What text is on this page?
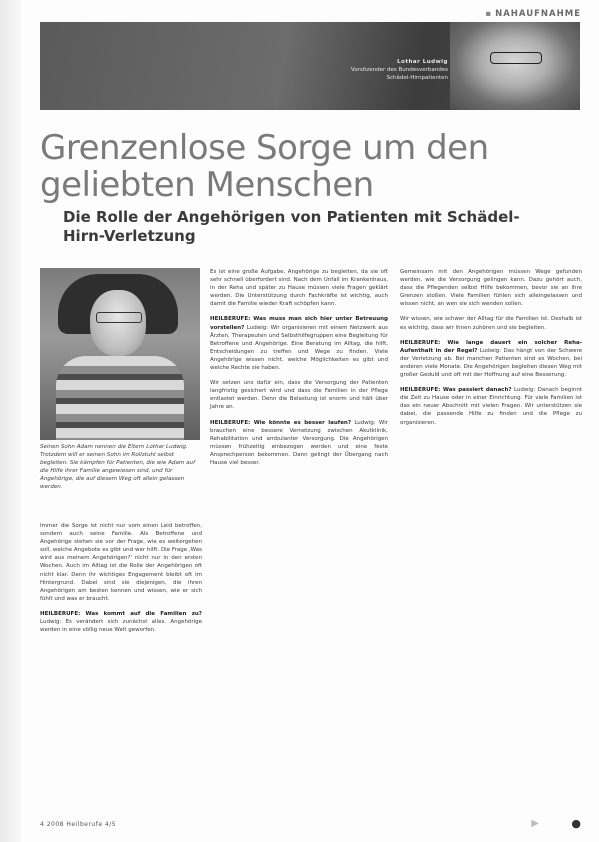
▪ NAHAUFNAHME
Lothar Ludwig
Vorsitzender des Bundesverbandes
Schädel-Hirnpatienten
Grenzenlose Sorge um den geliebten Menschen
Die Rolle der Angehörigen von Patienten mit Schädel-Hirn-Verletzung
Seinen Sohn Adam nennen die Eltern Lothar Ludwig. Trotzdem will er seinen Sohn im Rollstuhl selbst begleiten. Sie kämpfen für Patienten, die wie Adam auf die Hilfe ihrer Familie angewiesen sind, und für Angehörige, die auf diesem Weg oft allein gelassen werden.

Immer die Sorge ist nicht nur vom einen Leid betroffen, sondern auch seine Familie. Als Betroffene und Angehörige stehen sie vor der Frage, wie es weitergehen soll, welche Angebote es gibt und wer hilft. Die Frage ‚Was wird aus meinem Angehörigen?' nicht nur in den ersten Wochen. Auch im Alltag ist die Rolle der Angehörigen oft nicht klar. Denn ihr wichtiges Engagement bleibt oft im Hintergrund. Dabei sind sie diejenigen, die ihren Angehörigen am besten kennen und wissen, wie er sich fühlt und was er braucht.

HEILBERUFE: Was kommt auf die Familien zu? Ludwig: Es verändert sich zunächst alles. Angehörige werden in eine völlig neue Welt geworfen.

Es ist eine große Aufgabe, Angehörige zu begleiten, da sie oft sehr schnell überfordert sind. Nach dem Unfall im Krankenhaus, in der Reha und später zu Hause müssen viele Fragen geklärt werden. Die Unterstützung durch Fachkräfte ist wichtig, auch damit die Familie wieder Kraft schöpfen kann.

HEILBERUFE: Was muss man sich hier unter Betreuung vorstellen? Ludwig: Wir organisieren mit einem Netzwerk aus Ärzten, Therapeuten und Selbsthilfegruppen eine Begleitung für Betroffene und Angehörige. Eine Beratung im Alltag, die hilft, Entscheidungen zu treffen und Wege zu finden. Viele Angehörige wissen nicht, welche Möglichkeiten es gibt und welche Rechte sie haben.

Wir setzen uns dafür ein, dass die Versorgung der Patienten langfristig gesichert wird und dass die Familien in der Pflege entlastet werden. Denn die Belastung ist enorm und hält über Jahre an.

HEILBERUFE: Wie könnte es besser laufen? Ludwig: Wir brauchen eine bessere Vernetzung zwischen Akutklinik, Rehabilitation und ambulanter Versorgung. Die Angehörigen müssen frühzeitig einbezogen werden und eine feste Ansprechperson bekommen. Dann gelingt der Übergang nach Hause viel besser.

Gemeinsam mit den Angehörigen müssen Wege gefunden werden, wie die Versorgung gelingen kann. Dazu gehört auch, dass die Pflegenden selbst Hilfe bekommen, bevor sie an ihre Grenzen stoßen. Viele Familien fühlen sich alleingelassen und wissen nicht, an wen sie sich wenden sollen.

Wir wissen, wie schwer der Alltag für die Familien ist. Deshalb ist es wichtig, dass wir ihnen zuhören und sie begleiten.

HEILBERUFE: Wie lange dauert ein solcher Reha-Aufenthalt in der Regel? Ludwig: Das hängt von der Schwere der Verletzung ab. Bei manchen Patienten sind es Wochen, bei anderen viele Monate. Die Angehörigen begleiten diesen Weg mit großer Geduld und oft mit der Hoffnung auf eine Besserung.

HEILBERUFE: Was passiert danach? Ludwig: Danach beginnt die Zeit zu Hause oder in einer Einrichtung. Für viele Familien ist das ein neuer Abschnitt mit vielen Fragen. Wir unterstützen sie dabei, die passende Hilfe zu finden und die Pflege zu organisieren.

4 2008 Heilberufe 4/5	▶	●
